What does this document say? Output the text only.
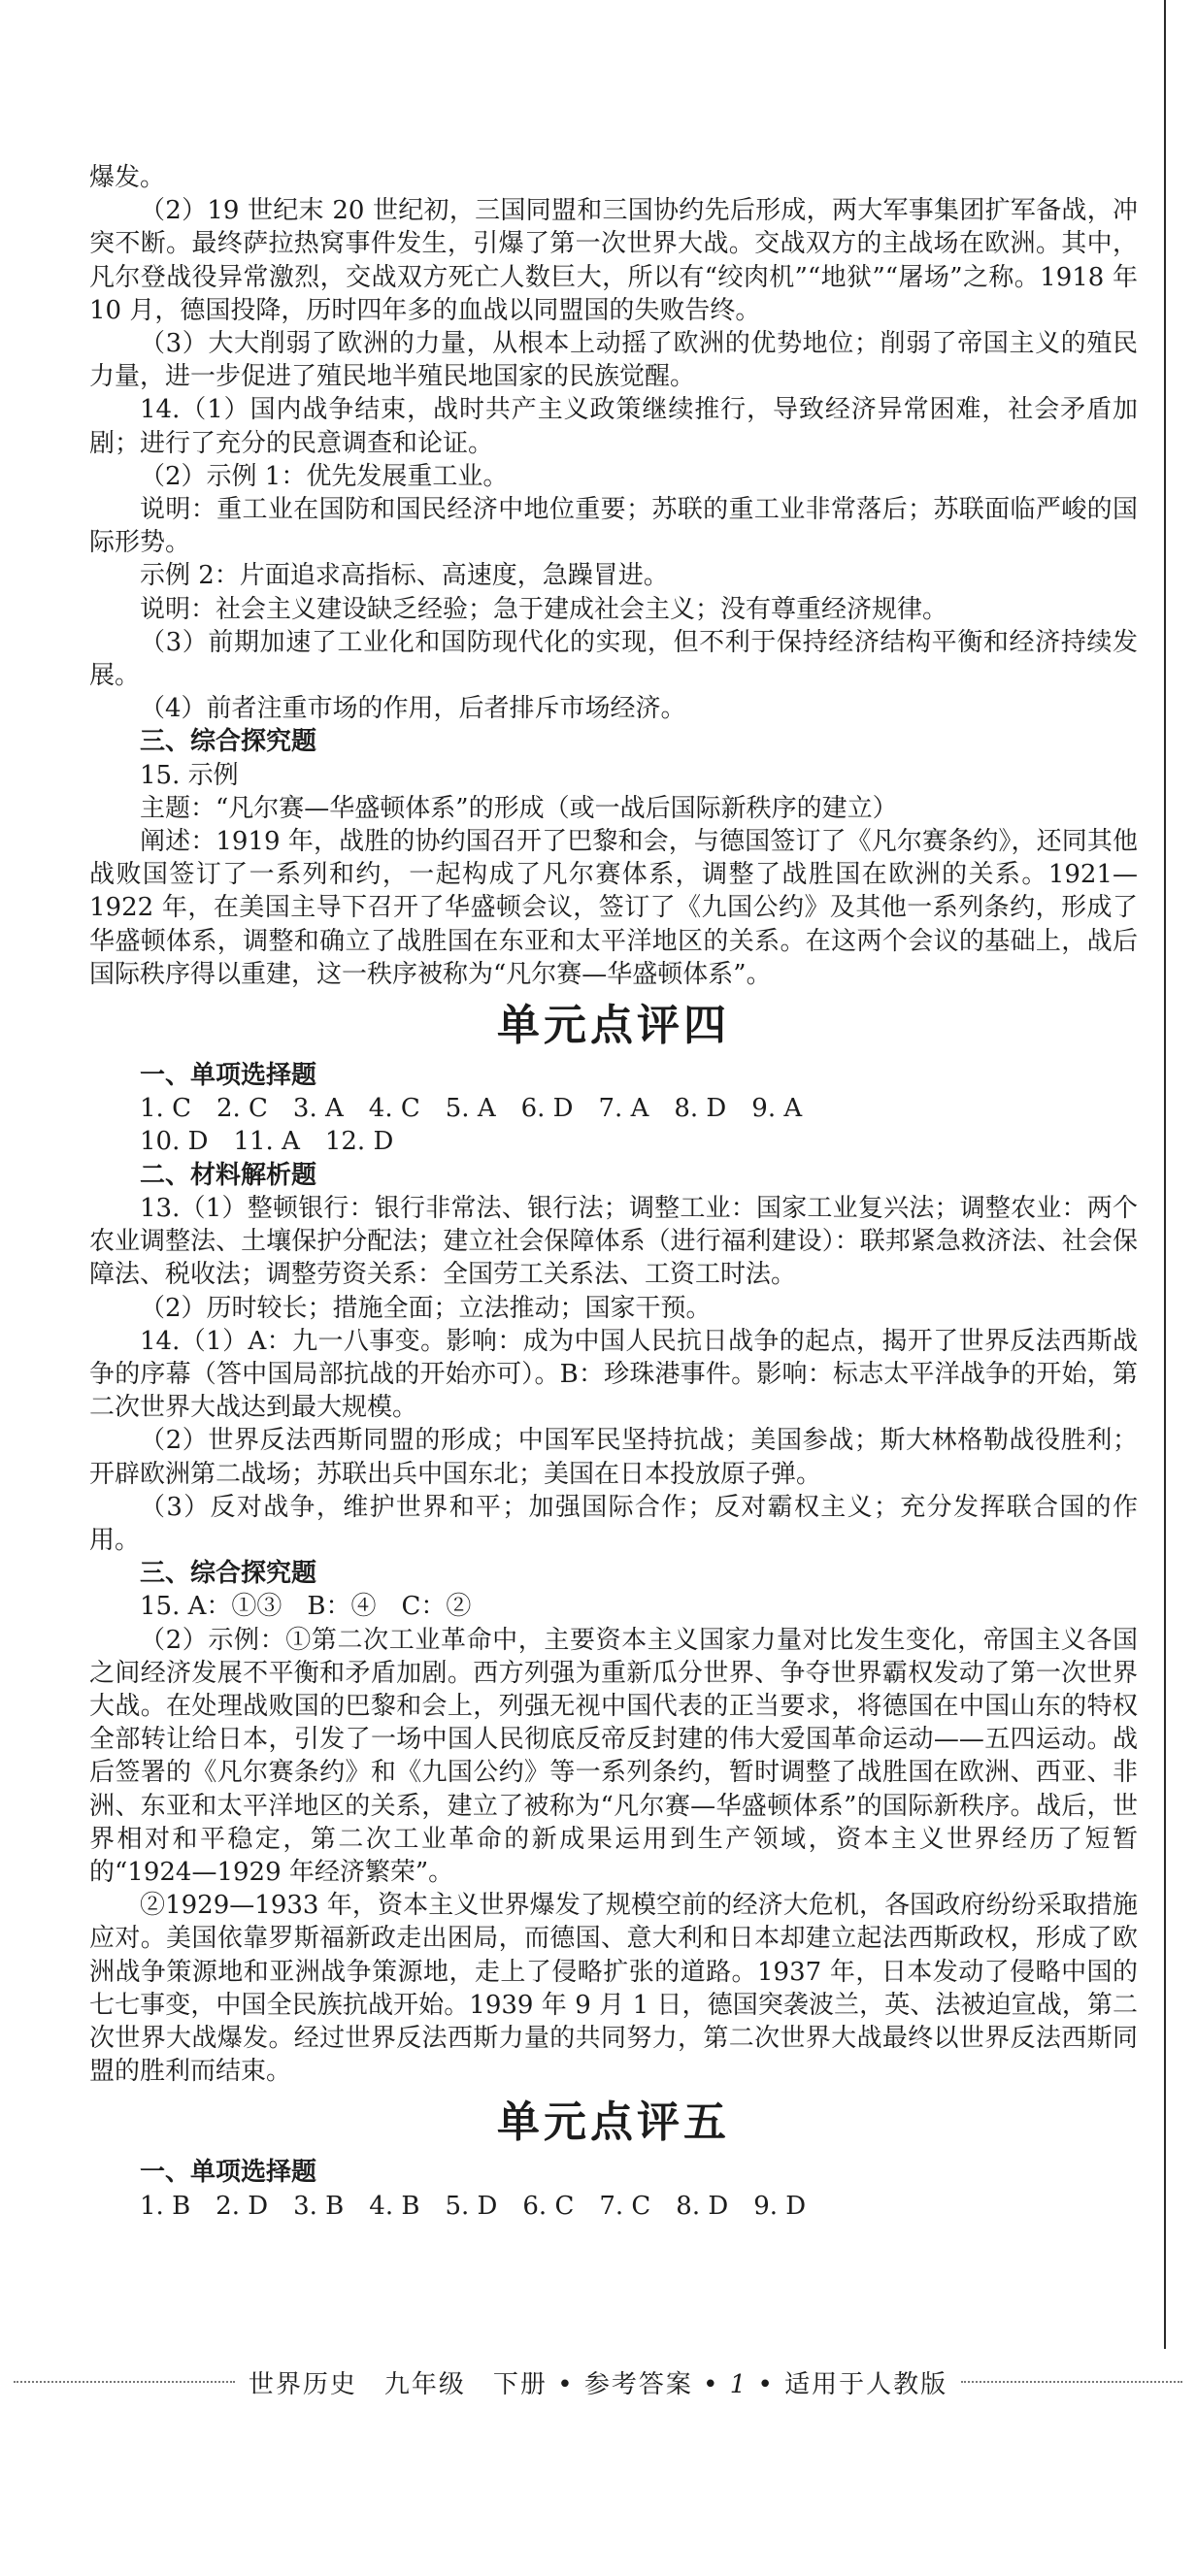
爆发。

（2）19 世纪末 20 世纪初，三国同盟和三国协约先后形成，两大军事集团扩军备战，冲突不断。最终萨拉热窝事件发生，引爆了第一次世界大战。交战双方的主战场在欧洲。其中，凡尔登战役异常激烈，交战双方死亡人数巨大，所以有“绞肉机”“地狱”“屠场”之称。1918 年 10 月，德国投降，历时四年多的血战以同盟国的失败告终。

（3）大大削弱了欧洲的力量，从根本上动摇了欧洲的优势地位；削弱了帝国主义的殖民力量，进一步促进了殖民地半殖民地国家的民族觉醒。

14.（1）国内战争结束，战时共产主义政策继续推行，导致经济异常困难，社会矛盾加剧；进行了充分的民意调查和论证。

（2）示例 1：优先发展重工业。

说明：重工业在国防和国民经济中地位重要；苏联的重工业非常落后；苏联面临严峻的国际形势。

示例 2：片面追求高指标、高速度，急躁冒进。

说明：社会主义建设缺乏经验；急于建成社会主义；没有尊重经济规律。

（3）前期加速了工业化和国防现代化的实现，但不利于保持经济结构平衡和经济持续发展。

（4）前者注重市场的作用，后者排斥市场经济。

三、综合探究题

15. 示例

主题：“凡尔赛—华盛顿体系”的形成（或一战后国际新秩序的建立）

阐述：1919 年，战胜的协约国召开了巴黎和会，与德国签订了《凡尔赛条约》，还同其他战败国签订了一系列和约，一起构成了凡尔赛体系，调整了战胜国在欧洲的关系。1921—1922 年，在美国主导下召开了华盛顿会议，签订了《九国公约》及其他一系列条约，形成了华盛顿体系，调整和确立了战胜国在东亚和太平洋地区的关系。在这两个会议的基础上，战后国际秩序得以重建，这一秩序被称为“凡尔赛—华盛顿体系”。

单元点评四

一、单项选择题

1. C　2. C　3. A　4. C　5. A　6. D　7. A　8. D　9. A

10. D　11. A　12. D

二、材料解析题

13.（1）整顿银行：银行非常法、银行法；调整工业：国家工业复兴法；调整农业：两个农业调整法、土壤保护分配法；建立社会保障体系（进行福利建设）：联邦紧急救济法、社会保障法、税收法；调整劳资关系：全国劳工关系法、工资工时法。

（2）历时较长；措施全面；立法推动；国家干预。

14.（1）A：九一八事变。影响：成为中国人民抗日战争的起点，揭开了世界反法西斯战争的序幕（答中国局部抗战的开始亦可）。B：珍珠港事件。影响：标志太平洋战争的开始，第二次世界大战达到最大规模。

（2）世界反法西斯同盟的形成；中国军民坚持抗战；美国参战；斯大林格勒战役胜利；开辟欧洲第二战场；苏联出兵中国东北；美国在日本投放原子弹。

（3）反对战争，维护世界和平；加强国际合作；反对霸权主义；充分发挥联合国的作用。

三、综合探究题

15. A：①③　B：④　C：②

（2）示例：①第二次工业革命中，主要资本主义国家力量对比发生变化，帝国主义各国之间经济发展不平衡和矛盾加剧。西方列强为重新瓜分世界、争夺世界霸权发动了第一次世界大战。在处理战败国的巴黎和会上，列强无视中国代表的正当要求，将德国在中国山东的特权全部转让给日本，引发了一场中国人民彻底反帝反封建的伟大爱国革命运动——五四运动。战后签署的《凡尔赛条约》和《九国公约》等一系列条约，暂时调整了战胜国在欧洲、西亚、非洲、东亚和太平洋地区的关系，建立了被称为“凡尔赛—华盛顿体系”的国际新秩序。战后，世界相对和平稳定，第二次工业革命的新成果运用到生产领域，资本主义世界经历了短暂的“1924—1929 年经济繁荣”。

②1929—1933 年，资本主义世界爆发了规模空前的经济大危机，各国政府纷纷采取措施应对。美国依靠罗斯福新政走出困局，而德国、意大利和日本却建立起法西斯政权，形成了欧洲战争策源地和亚洲战争策源地，走上了侵略扩张的道路。1937 年，日本发动了侵略中国的七七事变，中国全民族抗战开始。1939 年 9 月 1 日，德国突袭波兰，英、法被迫宣战，第二次世界大战爆发。经过世界反法西斯力量的共同努力，第二次世界大战最终以世界反法西斯同盟的胜利而结束。

单元点评五

一、单项选择题

1. B　2. D　3. B　4. B　5. D　6. C　7. C　8. D　9. D

世界历史　 九年级　 下册 • 参考答案 • 1 • 适用于人教版
